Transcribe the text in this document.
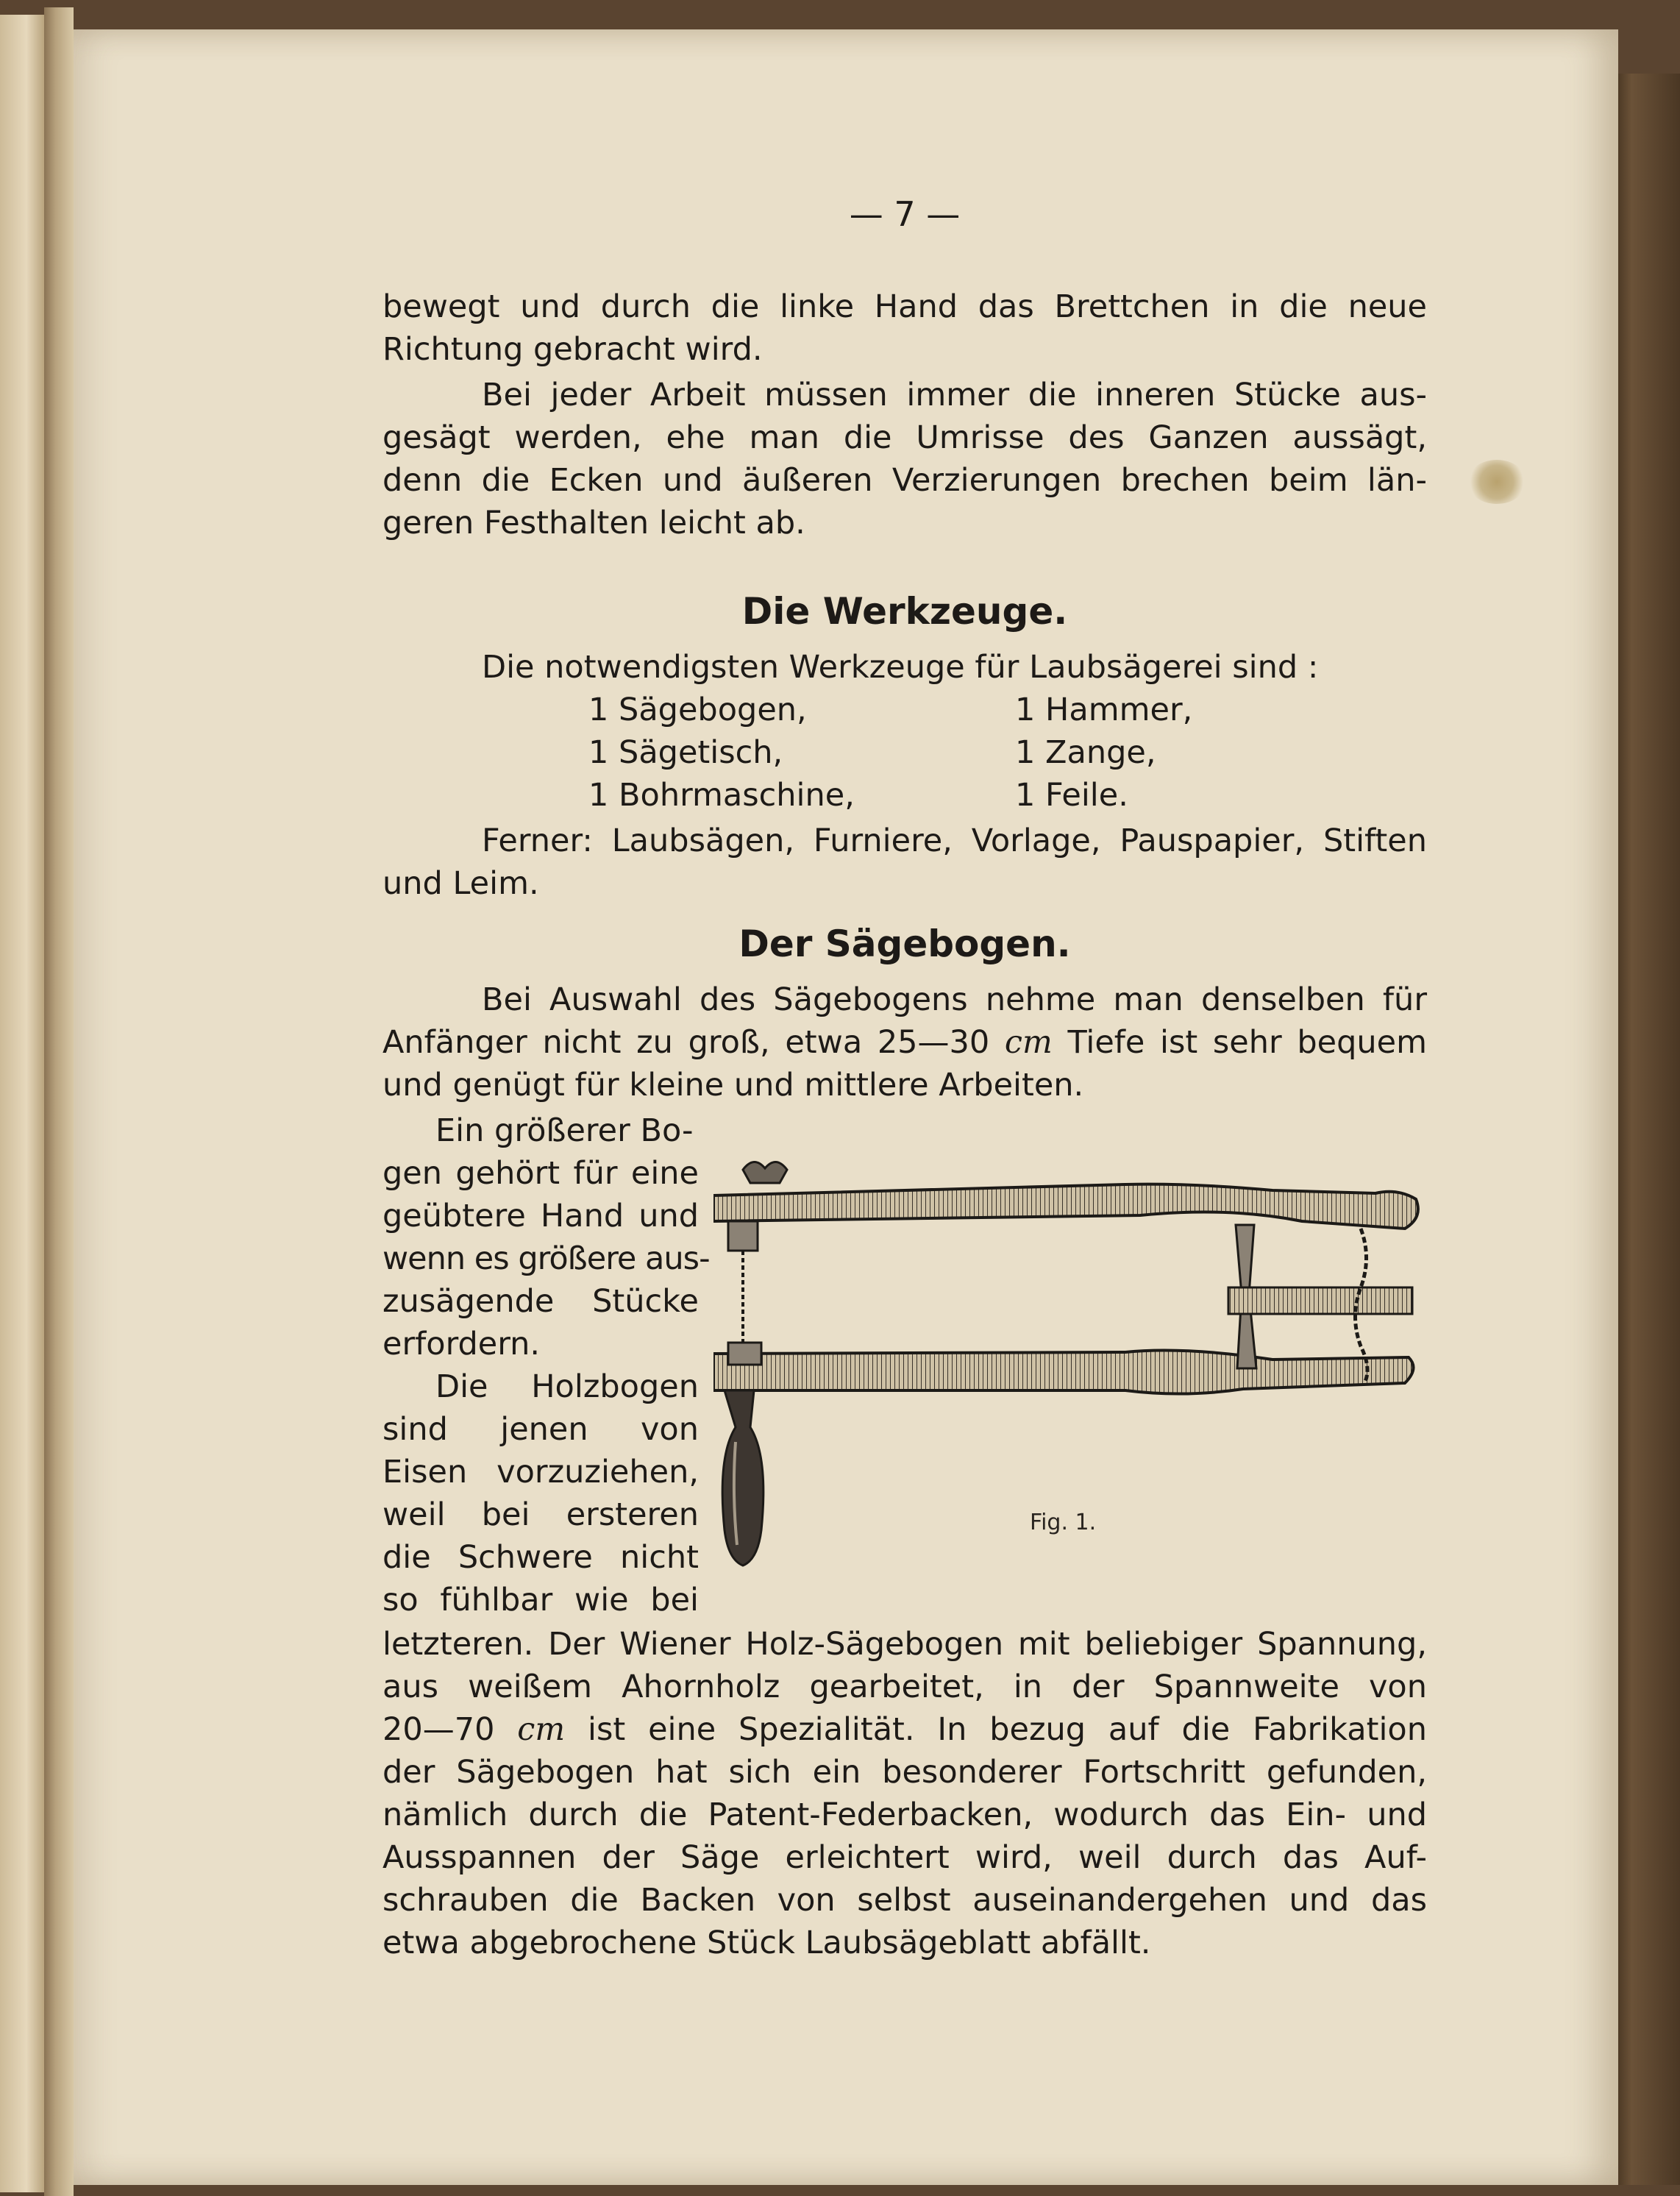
— 7 —
bewegt und durch die linke Hand das Brettchen in die neue
Richtung gebracht wird.
Bei jeder Arbeit müssen immer die inneren Stücke aus-
gesägt werden, ehe man die Umrisse des Ganzen aussägt,
denn die Ecken und äußeren Verzierungen brechen beim län-
geren Festhalten leicht ab.
Die Werkzeuge.
Die notwendigsten Werkzeuge für Laubsägerei sind :
1 Sägebogen,	1 Hammer,
1 Sägetisch,	1 Zange,
1 Bohrmaschine,	1 Feile.
Ferner: Laubsägen, Furniere, Vorlage, Pauspapier, Stiften
und Leim.
Der Sägebogen.
Bei Auswahl des Sägebogens nehme man denselben für
Anfänger nicht zu groß, etwa 25—30 cm Tiefe ist sehr bequem
und genügt für kleine und mittlere Arbeiten.
Ein größerer Bo-
gen gehört für eine
geübtere Hand und
wenn es größere aus-
zusägende Stücke
erfordern.
Die Holzbogen
sind jenen von
Eisen vorzuziehen,
weil bei ersteren
die Schwere nicht
so fühlbar wie bei
letzteren. Der Wiener Holz-Sägebogen mit beliebiger Spannung,
aus weißem Ahornholz gearbeitet, in der Spannweite von
20—70 cm ist eine Spezialität. In bezug auf die Fabrikation
der Sägebogen hat sich ein besonderer Fortschritt gefunden,
nämlich durch die Patent-Federbacken, wodurch das Ein- und
Ausspannen der Säge erleichtert wird, weil durch das Auf-
schrauben die Backen von selbst auseinandergehen und das
etwa abgebrochene Stück Laubsägeblatt abfällt.
Fig. 1.
